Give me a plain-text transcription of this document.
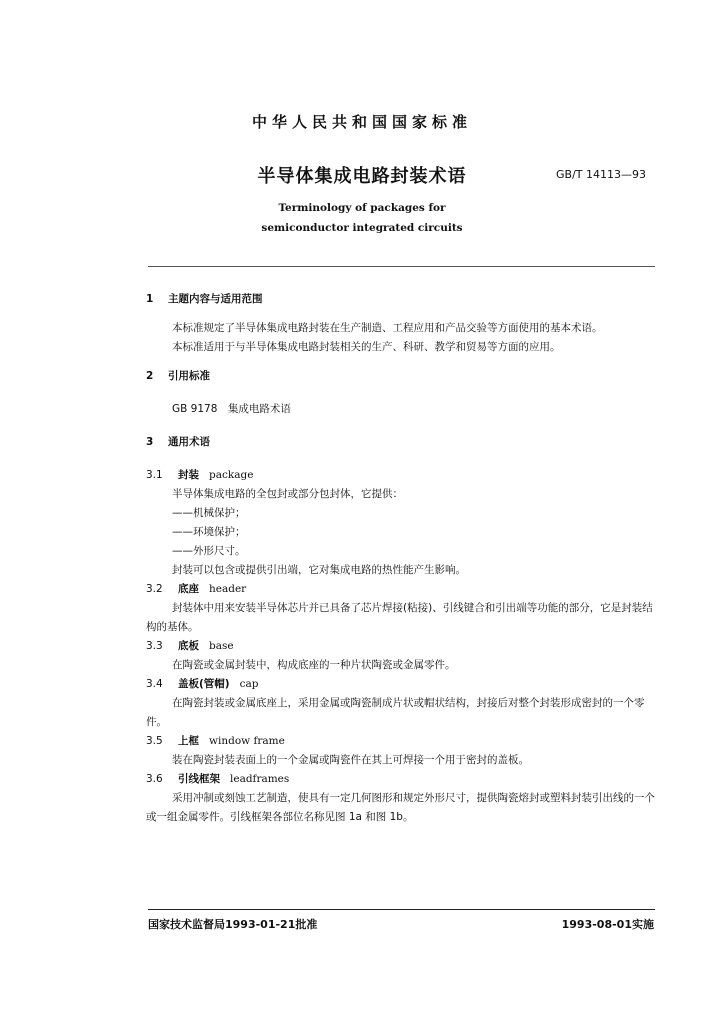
中华人民共和国国家标准
半导体集成电路封装术语	GB/T 14113—93
Terminology of packages for
semiconductor integrated circuits

1 主题内容与适用范围

本标准规定了半导体集成电路封装在生产制造、工程应用和产品交验等方面使用的基本术语。

本标准适用于与半导体集成电路封装相关的生产、科研、教学和贸易等方面的应用。

2 引用标准

GB 9178　集成电路术语

3 通用术语

3.1 封装 package

半导体集成电路的全包封或部分包封体，它提供：

——机械保护；

——环境保护；

——外形尺寸。

封装可以包含或提供引出端，它对集成电路的热性能产生影响。

3.2 底座 header

封装体中用来安装半导体芯片并已具备了芯片焊接(粘接)、引线键合和引出端等功能的部分，它是封装结构的基体。

3.3 底板 base

在陶瓷或金属封装中，构成底座的一种片状陶瓷或金属零件。

3.4 盖板(管帽) cap

在陶瓷封装或金属底座上，采用金属或陶瓷制成片状或帽状结构，封接后对整个封装形成密封的一个零件。

3.5 上框 window frame

装在陶瓷封装表面上的一个金属或陶瓷件在其上可焊接一个用于密封的盖板。

3.6 引线框架 leadframes

采用冲制或刻蚀工艺制造，使具有一定几何图形和规定外形尺寸，提供陶瓷熔封或塑料封装引出线的一个或一组金属零件。引线框架各部位名称见图 1a 和图 1b。

国家技术监督局1993-01-21批准	1993-08-01实施
